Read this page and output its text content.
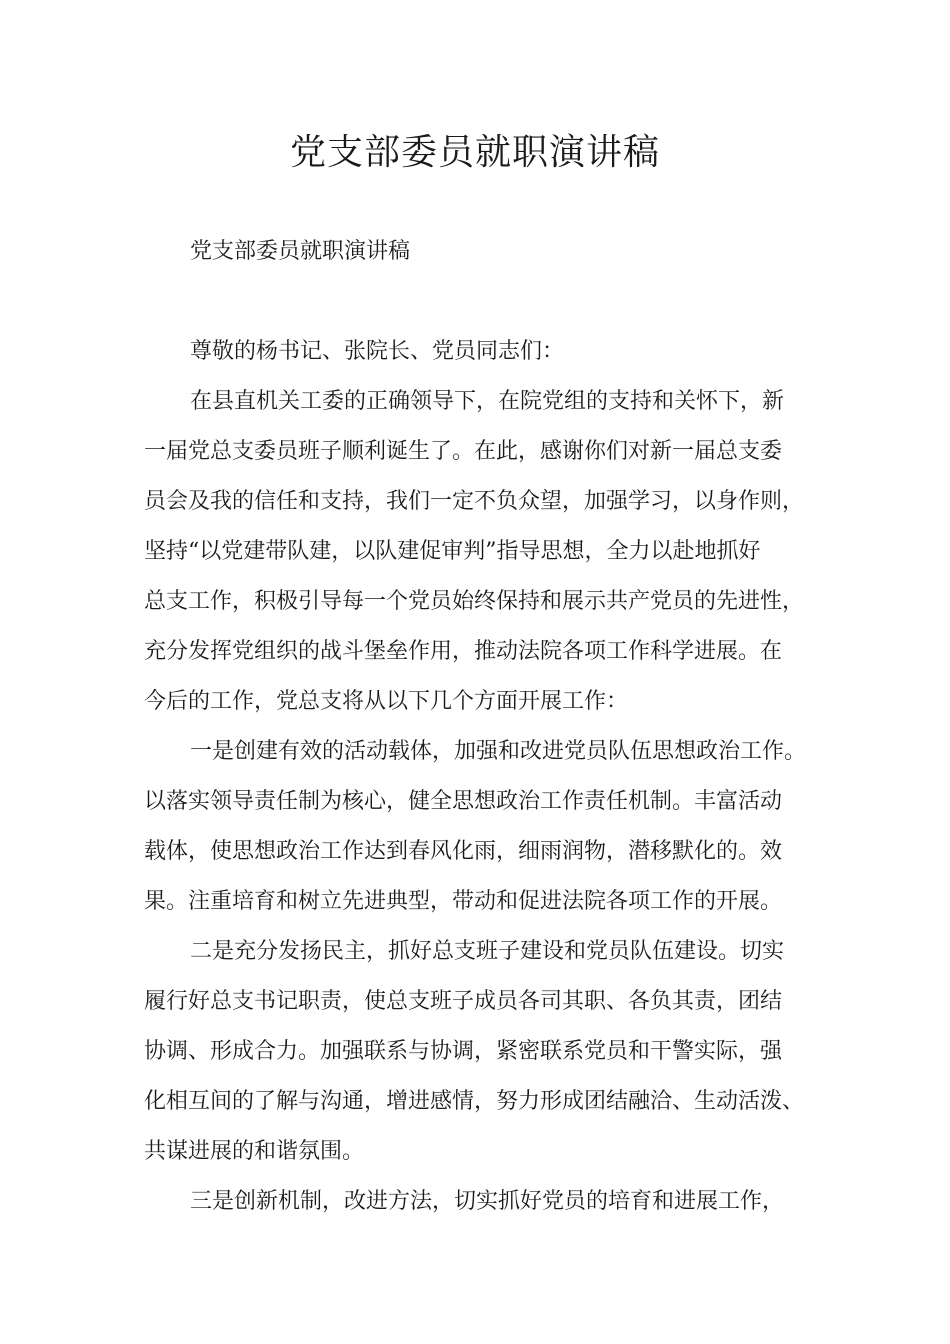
党支部委员就职演讲稿

党支部委员就职演讲稿

尊敬的杨书记、张院长、党员同志们：

在县直机关工委的正确领导下，在院党组的支持和关怀下，新

一届党总支委员班子顺利诞生了。在此，感谢你们对新一届总支委

员会及我的信任和支持，我们一定不负众望，加强学习，以身作则，

坚持“以党建带队建，以队建促审判”指导思想，全力以赴地抓好

总支工作，积极引导每一个党员始终保持和展示共产党员的先进性，

充分发挥党组织的战斗堡垒作用，推动法院各项工作科学进展。在

今后的工作，党总支将从以下几个方面开展工作：

一是创建有效的活动载体，加强和改进党员队伍思想政治工作。

以落实领导责任制为核心，健全思想政治工作责任机制。丰富活动

载体，使思想政治工作达到春风化雨，细雨润物，潜移默化的。效

果。注重培育和树立先进典型，带动和促进法院各项工作的开展。

二是充分发扬民主，抓好总支班子建设和党员队伍建设。切实

履行好总支书记职责，使总支班子成员各司其职、各负其责，团结

协调、形成合力。加强联系与协调，紧密联系党员和干警实际，强

化相互间的了解与沟通，增进感情，努力形成团结融洽、生动活泼、

共谋进展的和谐氛围。

三是创新机制，改进方法，切实抓好党员的培育和进展工作，
